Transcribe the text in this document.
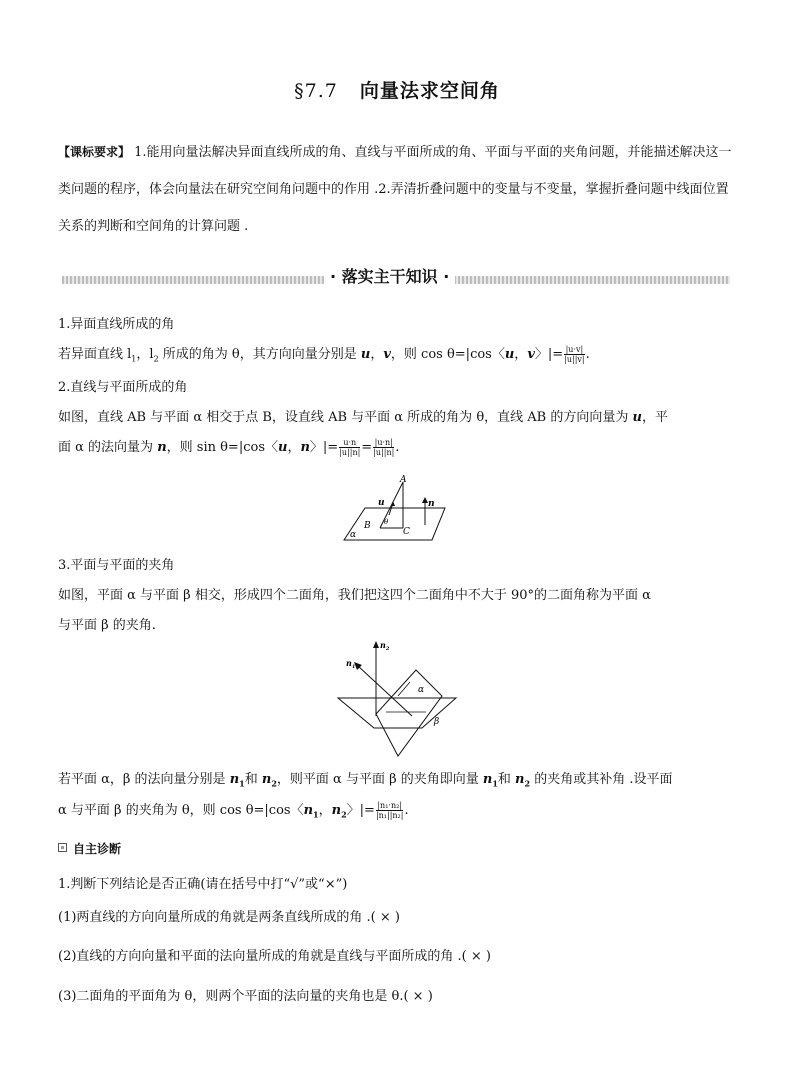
§7.7 向量法求空间角
【课标要求】 1.能用向量法解决异面直线所成的角、直线与平面所成的角、平面与平面的夹角问题，并能描述解决这一类问题的程序，体会向量法在研究空间角问题中的作用 .2.弄清折叠问题中的变量与不变量，掌握折叠问题中线面位置关系的判断和空间角的计算问题 .
· 落实主干知识 ·
1.异面直线所成的角
若异面直线 $l_1$，$l_2$ 所成的角为 θ，其方向向量分别是 u，v，则 cos θ=|cos〈u，v〉|= $\frac{|u\cdot v|}{|u||v|}$ .
2.直线与平面所成的角
如图，直线 AB 与平面 α 相交于点 B，设直线 AB 与平面 α 所成的角为 θ，直线 AB 的方向向量为 u，平
面 α 的法向量为 n，则 sin θ=|cos〈u，n〉|= $\frac{u\cdot n}{|u||n|} = \frac{|u\cdot n|}{|u||n|}$ .
A
B
C
u	n
θ
α
3.平面与平面的夹角
如图，平面 α 与平面 β 相交，形成四个二面角，我们把这四个二面角中不大于 90°的二面角称为平面 α
与平面 β 的夹角.
$n_2$
$n_1$
α
β
若平面 α，β 的法向量分别是 $n_1$和 $n_2$，则平面 α 与平面 β 的夹角即向量 $n_1$和 $n_2$ 的夹角或其补角 .设平面
α 与平面 β 的夹角为 θ，则 cos θ=|cos〈$n_1$，$n_2$〉|= $\frac{\text{|n₁·n₂|}}{\text{|n₁||n₂|}}$ .
自主诊断
1.判断下列结论是否正确(请在括号中打“√”或“×”)
(1)两直线的方向向量所成的角就是两条直线所成的角 .( × )
(2)直线的方向向量和平面的法向量所成的角就是直线与平面所成的角 .( × )
(3)二面角的平面角为 θ，则两个平面的法向量的夹角也是 θ.( × )
